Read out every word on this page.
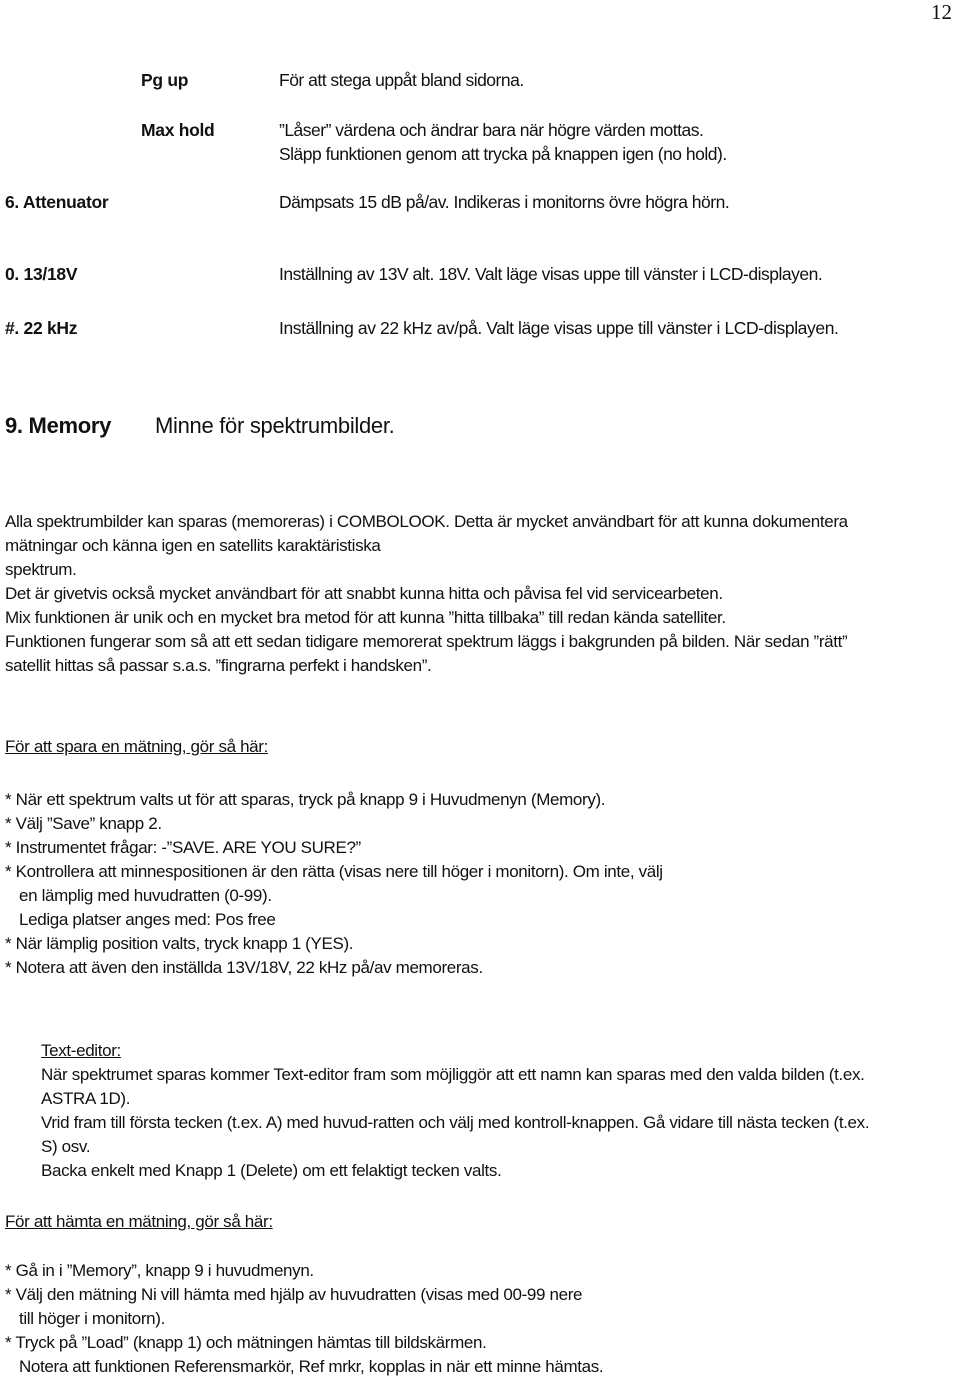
12
Pg up	För att stega uppåt bland sidorna.
Max hold	”Låser” värdena och ändrar bara när högre värden mottas.
Släpp funktionen genom att trycka på knappen igen (no hold).
6. Attenuator	Dämpsats 15 dB på/av. Indikeras i monitorns övre högra hörn.
0. 13/18V	Inställning av 13V alt. 18V. Valt läge visas uppe till vänster i LCD-displayen.
#. 22 kHz	Inställning av 22 kHz av/på. Valt läge visas uppe till vänster i LCD-displayen.
9. Memory Minne för spektrumbilder.
Alla spektrumbilder kan sparas (memoreras) i COMBOLOOK. Detta är mycket användbart för att kunna dokumentera
mätningar och känna igen en satellits karaktäristiska
spektrum.
Det är givetvis också mycket användbart för att snabbt kunna hitta och påvisa fel vid servicearbeten.
Mix funktionen är unik och en mycket bra metod för att kunna ”hitta tillbaka” till redan kända satelliter.
Funktionen fungerar som så att ett sedan tidigare memorerat spektrum läggs i bakgrunden på bilden. När sedan ”rätt”
satellit hittas så passar s.a.s. ”fingrarna perfekt i handsken”.
För att spara en mätning, gör så här:
* När ett spektrum valts ut för att sparas, tryck på knapp 9 i Huvudmenyn (Memory).
* Välj ”Save” knapp 2.
* Instrumentet frågar: -”SAVE. ARE YOU SURE?”
* Kontrollera att minnespositionen är den rätta (visas nere till höger i monitorn). Om inte, välj
en lämplig med huvudratten (0-99).
Lediga platser anges med: Pos free
* När lämplig position valts, tryck knapp 1 (YES).
* Notera att även den inställda 13V/18V, 22 kHz på/av memoreras.
Text-editor:
När spektrumet sparas kommer Text-editor fram som möjliggör att ett namn kan sparas med den valda bilden (t.ex.
ASTRA 1D).
Vrid fram till första tecken (t.ex. A) med huvud-ratten och välj med kontroll-knappen. Gå vidare till nästa tecken (t.ex.
S) osv.
Backa enkelt med Knapp 1 (Delete) om ett felaktigt tecken valts.
För att hämta en mätning, gör så här:
* Gå in i ”Memory”, knapp 9 i huvudmenyn.
* Välj den mätning Ni vill hämta med hjälp av huvudratten (visas med 00-99 nere
till höger i monitorn).
* Tryck på ”Load” (knapp 1) och mätningen hämtas till bildskärmen.
Notera att funktionen Referensmarkör, Ref mrkr, kopplas in när ett minne hämtas.
